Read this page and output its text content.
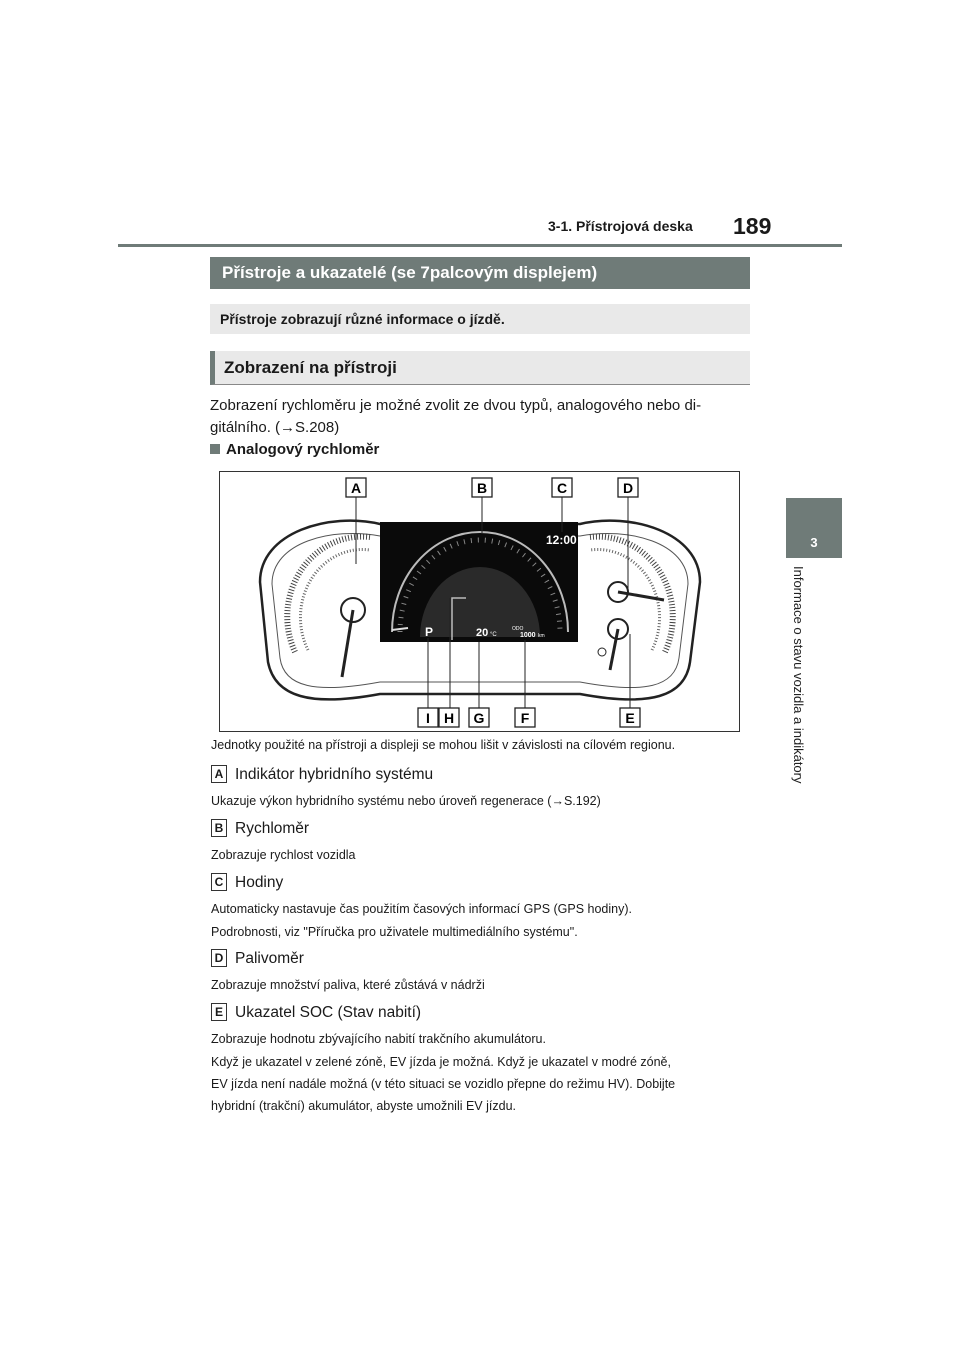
3-1. Přístrojová deska 189
3
Informace o stavu vozidla a indikátory
Přístroje a ukazatelé (se 7palcovým displejem)
Přístroje zobrazují různé informace o jízdě.
Zobrazení na přístroji
Zobrazení rychloměru je možné zvolit ze dvou typů, analogového nebo di-
gitálního. (→S.208)
Analogový rychloměr
12:00
P	20 °C
ODO
1000 km
A	B	C	D
I H G	F	E
Jednotky použité na přístroji a displeji se mohou lišit v závislosti na cílovém regionu.
A Indikátor hybridního systému
Ukazuje výkon hybridního systému nebo úroveň regenerace (→S.192)
B Rychloměr
Zobrazuje rychlost vozidla
C Hodiny
Automaticky nastavuje čas použitím časových informací GPS (GPS hodiny).
Podrobnosti, viz "Příručka pro uživatele multimediálního systému".
D Palivoměr
Zobrazuje množství paliva, které zůstává v nádrži
E Ukazatel SOC (Stav nabití)
Zobrazuje hodnotu zbývajícího nabití trakčního akumulátoru.
Když je ukazatel v zelené zóně, EV jízda je možná. Když je ukazatel v modré zóně,
EV jízda není nadále možná (v této situaci se vozidlo přepne do režimu HV). Dobijte
hybridní (trakční) akumulátor, abyste umožnili EV jízdu.
